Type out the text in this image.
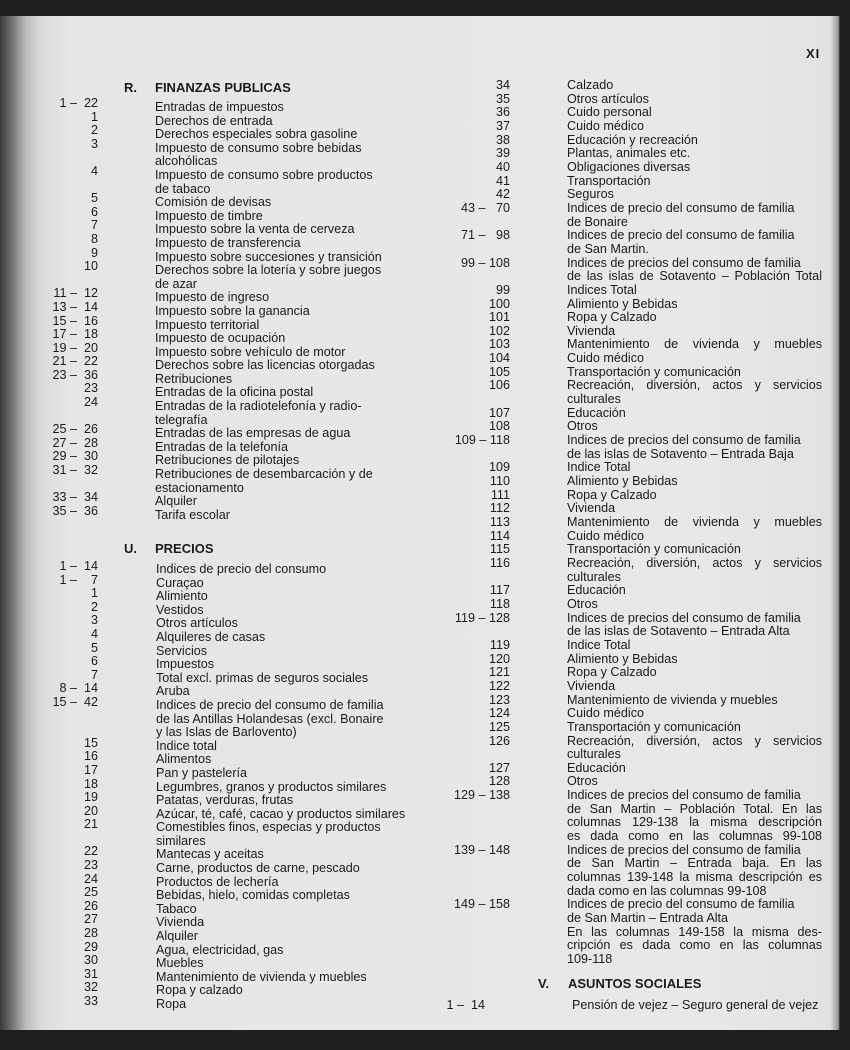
XI
R. FINANZAS PUBLICAS
1 –  22	Entradas de impuestos
1	Derechos de entrada
2	Derechos especiales sobra gasoline
3	Impuesto de consumo sobre bebidas
alcohólicas
4	Impuesto de consumo sobre productos
de tabaco
5	Comisión de devisas
6	Impuesto de timbre
7	Impuesto sobre la venta de cerveza
8	Impuesto de transferencia
9	Impuesto sobre succesiones y transición
10	Derechos sobre la lotería y sobre juegos
de azar
11 –  12	Impuesto de ingreso
13 –  14	Impuesto sobre la ganancia
15 –  16	Impuesto territorial
17 –  18	Impuesto de ocupación
19 –  20	Impuesto sobre vehículo de motor
21 –  22	Derechos sobre las licencias otorgadas
23 –  36	Retribuciones
23	Entradas de la oficina postal
24	Entradas de la radiotelefonía y radio-
telegrafía
25 –  26	Entradas de las empresas de agua
27 –  28	Entradas de la telefonía
29 –  30	Retribuciones de pilotajes
31 –  32	Retribuciones de desembarcación y de
estacionamento
33 –  34	Alquiler
35 –  36	Tarifa escolar
U. PRECIOS
1 –  14	Indices de precio del consumo
1 –    7	Curaçao
1	Alimiento
2	Vestidos
3	Otros artículos
4	Alquileres de casas
5	Servicios
6	Impuestos
7	Total excl. primas de seguros sociales
8 –  14	Aruba
15 –  42	Indices de precio del consumo de familia
de las Antillas Holandesas (excl. Bonaire
y las Islas de Barlovento)
15	Indice total
16	Alimentos
17	Pan y pastelería
18	Legumbres, granos y productos similares
19	Patatas, verduras, frutas
20	Azúcar, té, café, cacao y productos similares
21	Comestibles finos, especias y productos
similares
22	Mantecas y aceitas
23	Carne, productos de carne, pescado
24	Productos de lechería
25	Bebidas, hielo, comidas completas
26	Tabaco
27	Vivienda
28	Alquiler
29	Agua, electricidad, gas
30	Muebles
31	Mantenimiento de vivienda y muebles
32	Ropa y calzado
33	Ropa
34	Calzado
35	Otros artículos
36	Cuido personal
37	Cuido médico
38	Educación y recreación
39	Plantas, animales etc.
40	Obligaciones diversas
41	Transportación
42	Seguros
43 –   70	Indices de precio del consumo de familia
de Bonaire
71 –   98	Indices de precio del consumo de familia
de San Martin.
99 – 108	Indices de precios del consumo de familia
de las islas de Sotavento – Población Total
99	Indices Total
100	Alimiento y Bebidas
101	Ropa y Calzado
102	Vivienda
103	Mantenimiento de vivienda y muebles
104	Cuido médico
105	Transportación y comunicación
106	Recreación, diversión, actos y servicios
culturales
107	Educación
108	Otros
109 – 118	Indices de precios del consumo de familia
de las islas de Sotavento – Entrada Baja
109	Indice Total
110	Alimiento y Bebidas
111	Ropa y Calzado
112	Vivienda
113	Mantenimiento de vivienda y muebles
114	Cuido médico
115	Transportación y comunicación
116	Recreación, diversión, actos y servicios
culturales
117	Educación
118	Otros
119 – 128	Indices de precios del consumo de familia
de las islas de Sotavento – Entrada Alta
119	Indice Total
120	Alimiento y Bebidas
121	Ropa y Calzado
122	Vivienda
123	Mantenimiento de vivienda y muebles
124	Cuido médico
125	Transportación y comunicación
126	Recreación, diversión, actos y servicios
culturales
127	Educación
128	Otros
129 – 138	Indices de precios del consumo de familia
de San Martin – Población Total. En las
columnas 129-138 la misma descripción
es dada como en las columnas 99-108
139 – 148	Indices de precios del consumo de familia
de San Martin – Entrada baja. En las
columnas 139-148 la misma descripción es
dada como en las columnas 99-108
149 – 158	Indices de precio del consumo de familia
de San Martin – Entrada Alta
En las columnas 149-158 la misma des-
cripción es dada como en las columnas
109-118
V. ASUNTOS SOCIALES
1 –  14	Pensión de vejez – Seguro general de vejez
